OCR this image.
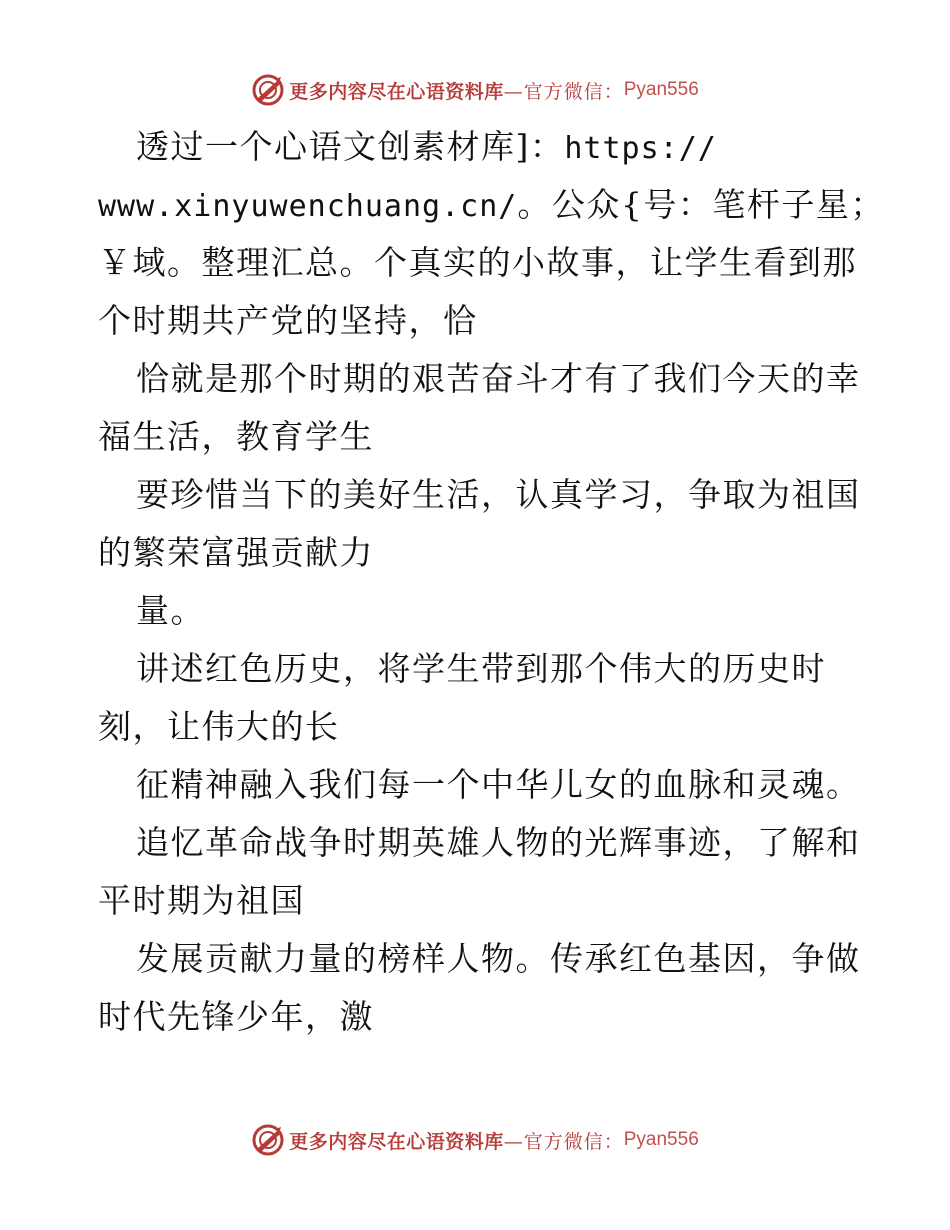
更多内容尽在心语资料库 —官方微信： Pyan556
透过一个心语文创素材库]：https://
www.xinyuwenchuang.cn/。公众{号：笔杆子星；
￥域。整理汇总。个真实的小故事，让学生看到那
个时期共产党的坚持，恰
恰就是那个时期的艰苦奋斗才有了我们今天的幸
福生活，教育学生
要珍惜当下的美好生活，认真学习，争取为祖国
的繁荣富强贡献力
量。
讲述红色历史，将学生带到那个伟大的历史时
刻，让伟大的长
征精神融入我们每一个中华儿女的血脉和灵魂。
追忆革命战争时期英雄人物的光辉事迹，了解和
平时期为祖国
发展贡献力量的榜样人物。传承红色基因，争做
时代先锋少年，激
更多内容尽在心语资料库 —官方微信： Pyan556
